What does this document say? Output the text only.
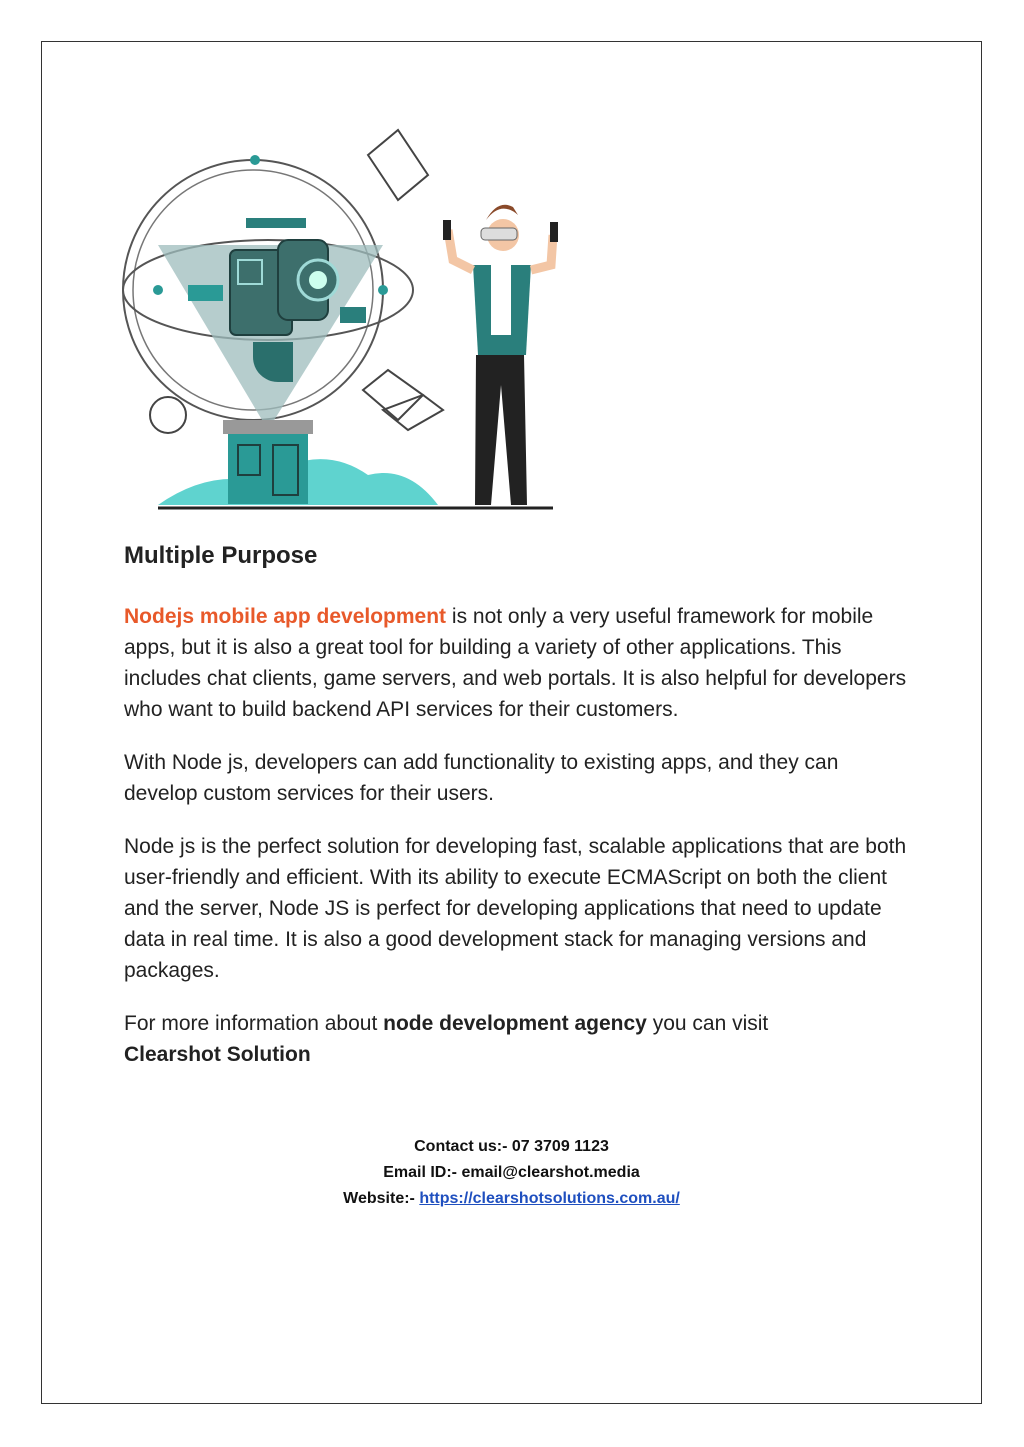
Multiple Purpose

Nodejs mobile app development is not only a very useful framework for mobile apps, but it is also a great tool for building a variety of other applications. This includes chat clients, game servers, and web portals. It is also helpful for developers who want to build backend API services for their customers.

With Node js, developers can add functionality to existing apps, and they can develop custom services for their users.

Node js is the perfect solution for developing fast, scalable applications that are both user-friendly and efficient. With its ability to execute ECMAScript on both the client and the server, Node JS is perfect for developing applications that need to update data in real time. It is also a good development stack for managing versions and packages.

For more information about node development agency you can visit
Clearshot Solution

Contact us:- 07 3709 1123
Email ID:- email@clearshot.media
Website:- https://clearshotsolutions.com.au/
